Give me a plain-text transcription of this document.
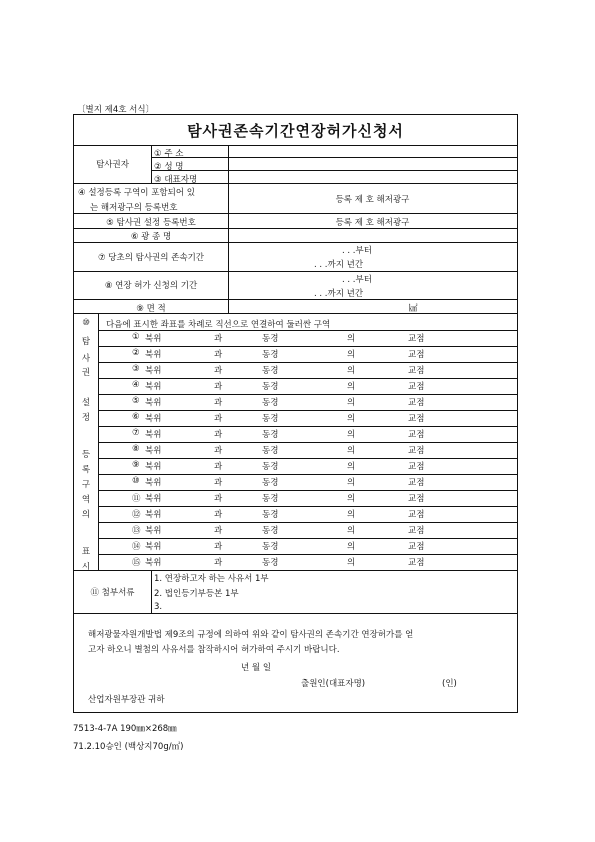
〔별지 제4호 서식〕
탐사권존속기간연장허가신청서
탐사권자
① 주 소
② 성 명
③ 대표자명
④ 설정등록 구역이 포함되어 있
는 해저광구의 등록번호
등록 제 호 해저광구
⑤ 탐사권 설정 등록번호	등록 제 호 해저광구
⑥ 광 종 명
⑦ 당초의 탐사권의 존속기간
. . .부터
. . .까지 년간
⑧ 연장 허가 신청의 기간
. . .부터
. . .까지 년간
⑨ 면 적	㎢
다음에 표시한 좌표를 차례로 직선으로 연결하여 둘러싼 구역
⑩
탐
사
권
설
정
등
록
구
역
의
표
시
① 북위	과	동경	의	교점
② 북위	과	동경	의	교점
③ 북위	과	동경	의	교점
④ 북위	과	동경	의	교점
⑤ 북위	과	동경	의	교점
⑥ 북위	과	동경	의	교점
⑦ 북위	과	동경	의	교점
⑧ 북위	과	동경	의	교점
⑨ 북위	과	동경	의	교점
⑩ 북위	과	동경	의	교점
⑪ 북위	과	동경	의	교점
⑫ 북위	과	동경	의	교점
⑬ 북위	과	동경	의	교점
⑭ 북위	과	동경	의	교점
⑮ 북위	과	동경	의	교점
⑪ 첨부서류
1. 연장하고자 하는 사유서 1부
2. 법인등기부등본 1부
3.
해저광물자원개발법 제9조의 규정에 의하여 위와 같이 탐사권의 존속기간 연장허가를 얻
고자 하오니 별첨의 사유서를 참작하시어 허가하여 주시기 바랍니다.
년 월 일
출원인(대표자명)	(인)
산업자원부장관 귀하
7513-4-7A 190㎜×268㎜
71.2.10승인 (백상지70g/㎡)
